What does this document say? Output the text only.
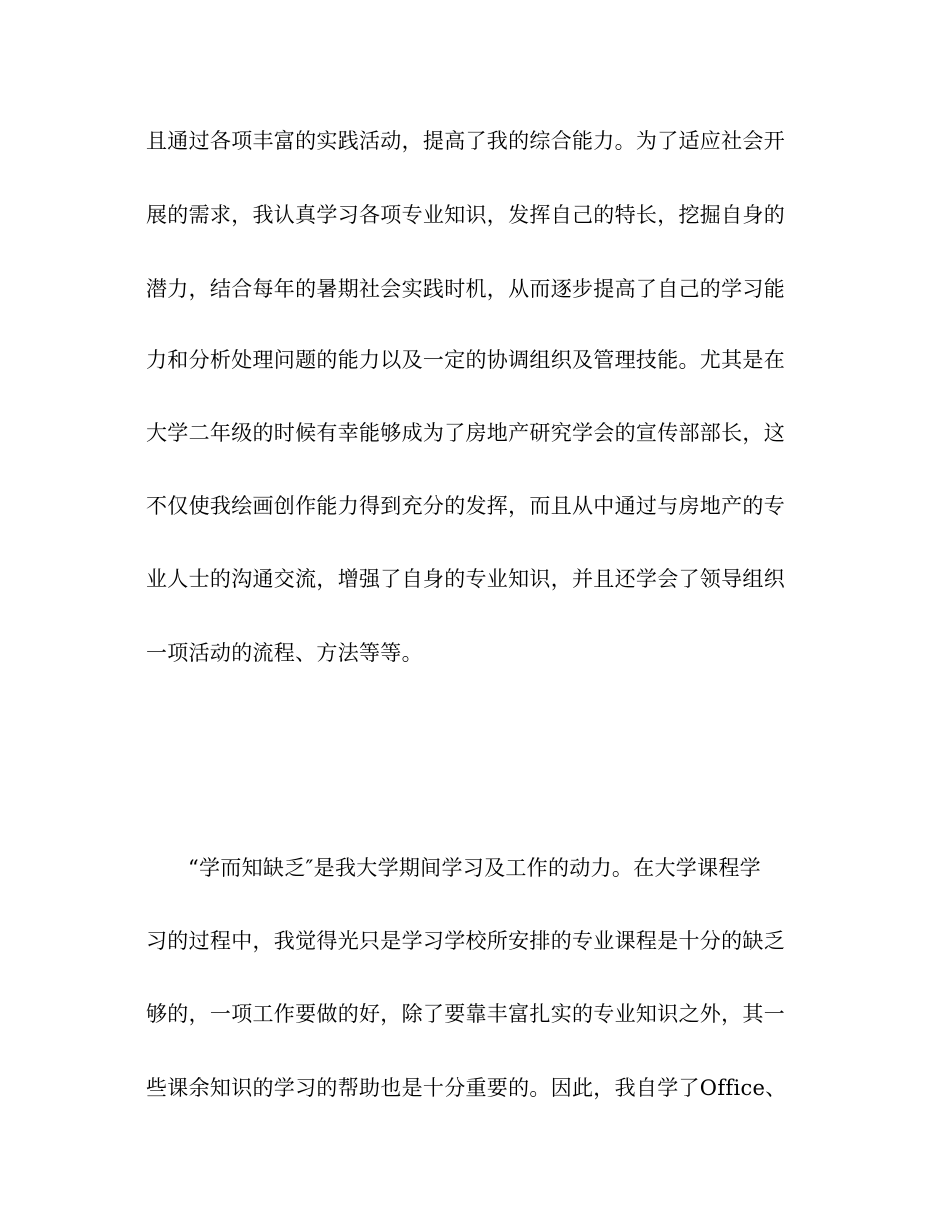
且通过各项丰富的实践活动，提高了我的综合能力。为了适应社会开
展的需求，我认真学习各项专业知识，发挥自己的特长，挖掘自身的
潜力，结合每年的暑期社会实践时机，从而逐步提高了自己的学习能
力和分析处理问题的能力以及一定的协调组织及管理技能。尤其是在
大学二年级的时候有幸能够成为了房地产研究学会的宣传部部长，这
不仅使我绘画创作能力得到充分的发挥，而且从中通过与房地产的专
业人士的沟通交流，增强了自身的专业知识，并且还学会了领导组织
一项活动的流程、方法等等。
“学而知缺乏″是我大学期间学习及工作的动力。在大学课程学
习的过程中，我觉得光只是学习学校所安排的专业课程是十分的缺乏
够的，一项工作要做的好，除了要靠丰富扎实的专业知识之外，其一
些课余知识的学习的帮助也是十分重要的。因此，我自学了Office、
